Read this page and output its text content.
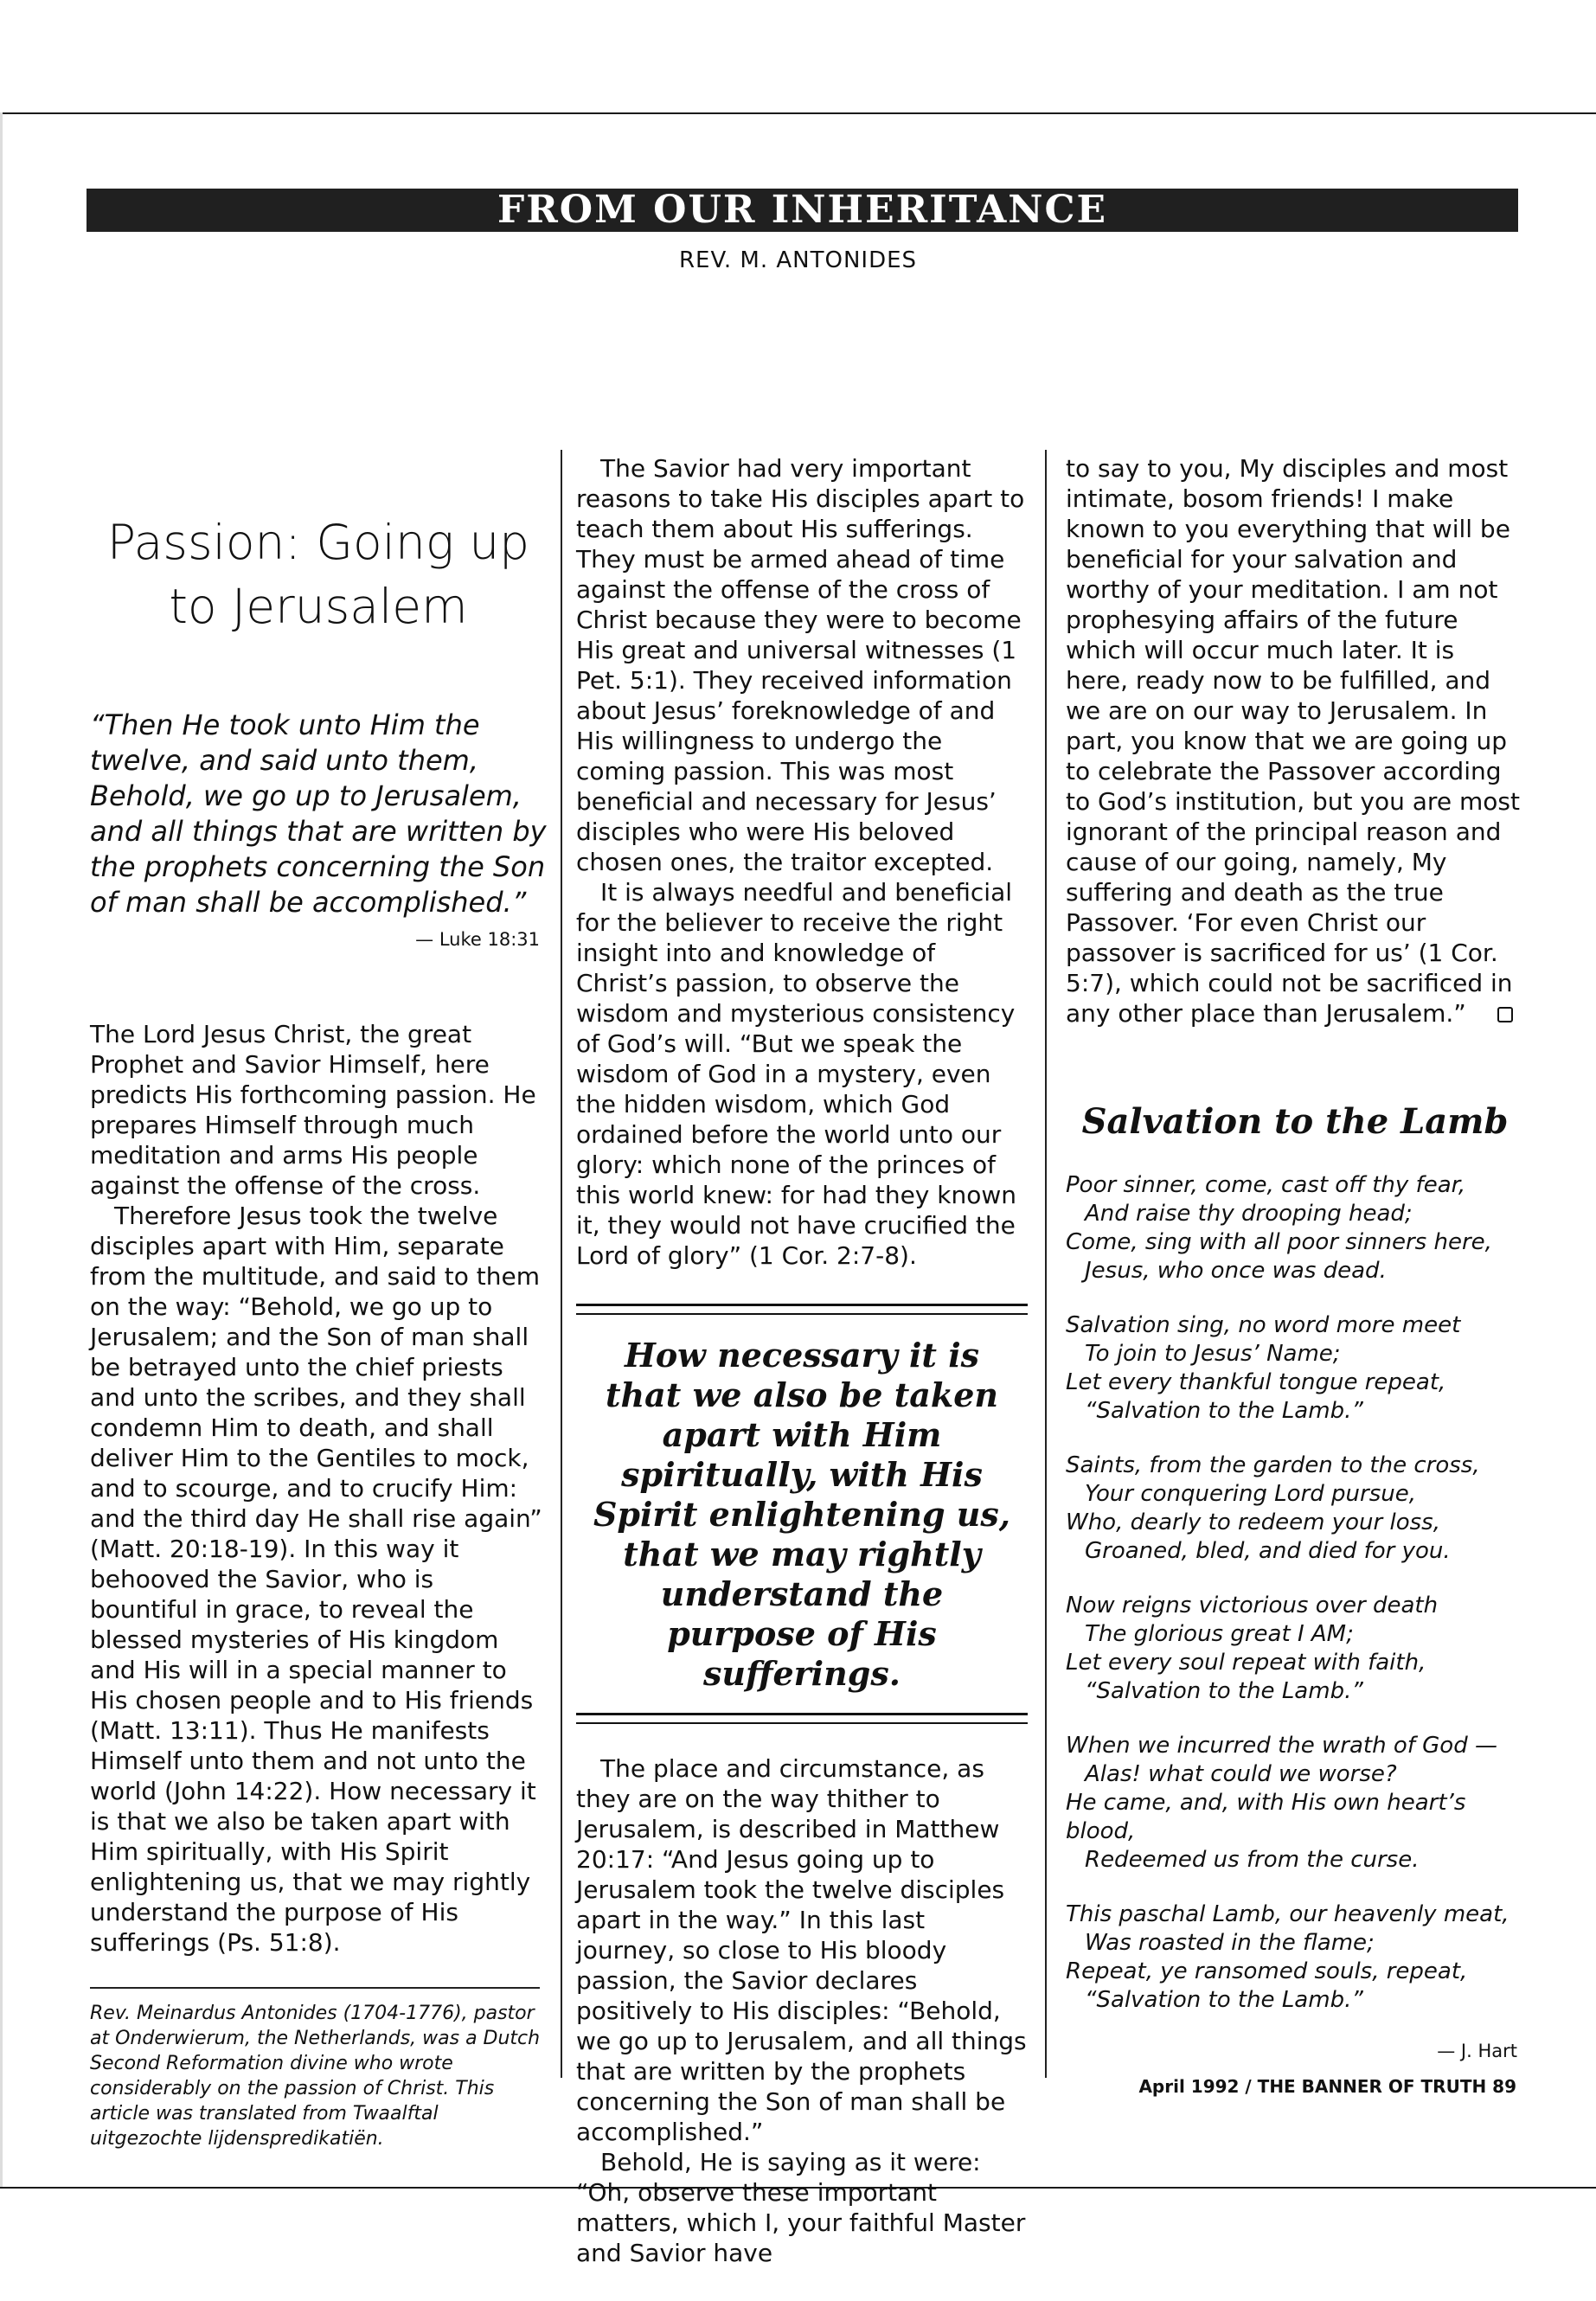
FROM OUR INHERITANCE
REV. M. ANTONIDES
Passion: Going up
to Jerusalem

“Then He took unto Him the twelve, and said unto them, Behold, we go up to Jerusalem, and all things that are written by the prophets concerning the Son of man shall be accomplished.”

— Luke 18:31

The Lord Jesus Christ, the great Prophet and Savior Himself, here predicts His forthcoming passion. He prepares Himself through much meditation and arms His people against the offense of the cross.

Therefore Jesus took the twelve disciples apart with Him, separate from the multitude, and said to them on the way: “Behold, we go up to Jerusalem; and the Son of man shall be betrayed unto the chief priests and unto the scribes, and they shall condemn Him to death, and shall deliver Him to the Gentiles to mock, and to scourge, and to crucify Him: and the third day He shall rise again” (Matt. 20:18-19). In this way it behooved the Savior, who is bountiful in grace, to reveal the blessed mysteries of His kingdom and His will in a special manner to His chosen people and to His friends (Matt. 13:11). Thus He manifests Himself unto them and not unto the world (John 14:22). How necessary it is that we also be taken apart with Him spiritually, with His Spirit enlightening us, that we may rightly understand the purpose of His sufferings (Ps. 51:8).

Rev. Meinardus Antonides (1704-1776), pastor at Onderwierum, the Netherlands, was a Dutch Second Reformation divine who wrote considerably on the passion of Christ. This article was translated from Twaalftal uitgezochte lijdenspredikatiën.

The Savior had very important reasons to take His disciples apart to teach them about His sufferings. They must be armed ahead of time against the offense of the cross of Christ because they were to become His great and universal witnesses (1 Pet. 5:1). They received information about Jesus’ foreknowledge of and His willingness to undergo the coming passion. This was most beneficial and necessary for Jesus’ disciples who were His beloved chosen ones, the traitor excepted.

It is always needful and beneficial for the believer to receive the right insight into and knowledge of Christ’s passion, to observe the wisdom and mysterious consistency of God’s will. “But we speak the wisdom of God in a mystery, even the hidden wisdom, which God ordained before the world unto our glory: which none of the princes of this world knew: for had they known it, they would not have crucified the Lord of glory” (1 Cor. 2:7-8).

How necessary it is that we also be taken apart with Him spiritually, with His Spirit enlightening us, that we may rightly understand the purpose of His sufferings.

The place and circumstance, as they are on the way thither to Jerusalem, is described in Matthew 20:17: “And Jesus going up to Jerusalem took the twelve disciples apart in the way.” In this last journey, so close to His bloody passion, the Savior declares positively to His disciples: “Behold, we go up to Jerusalem, and all things that are written by the prophets concerning the Son of man shall be accomplished.”

Behold, He is saying as it were: “Oh, observe these important matters, which I, your faithful Master and Savior have

to say to you, My disciples and most intimate, bosom friends! I make known to you everything that will be beneficial for your salvation and worthy of your meditation. I am not prophesying affairs of the future which will occur much later. It is here, ready now to be fulfilled, and we are on our way to Jerusalem. In part, you know that we are going up to celebrate the Passover according to God’s institution, but you are most ignorant of the principal reason and cause of our going, namely, My suffering and death as the true Passover. ‘For even Christ our passover is sacrificed for us’ (1 Cor. 5:7), which could not be sacrificed in any other place than Jerusalem.”

Salvation to the Lamb

Poor sinner, come, cast off thy fear,

And raise thy drooping head;

Come, sing with all poor sinners here,

Jesus, who once was dead.

Salvation sing, no word more meet

To join to Jesus’ Name;

Let every thankful tongue repeat,

“Salvation to the Lamb.”

Saints, from the garden to the cross,

Your conquering Lord pursue,

Who, dearly to redeem your loss,

Groaned, bled, and died for you.

Now reigns victorious over death

The glorious great I AM;

Let every soul repeat with faith,

“Salvation to the Lamb.”

When we incurred the wrath of God —

Alas! what could we worse?

He came, and, with His own heart’s blood,

Redeemed us from the curse.

This paschal Lamb, our heavenly meat,

Was roasted in the flame;

Repeat, ye ransomed souls, repeat,

“Salvation to the Lamb.”

— J. Hart
April 1992 / THE BANNER OF TRUTH 89
